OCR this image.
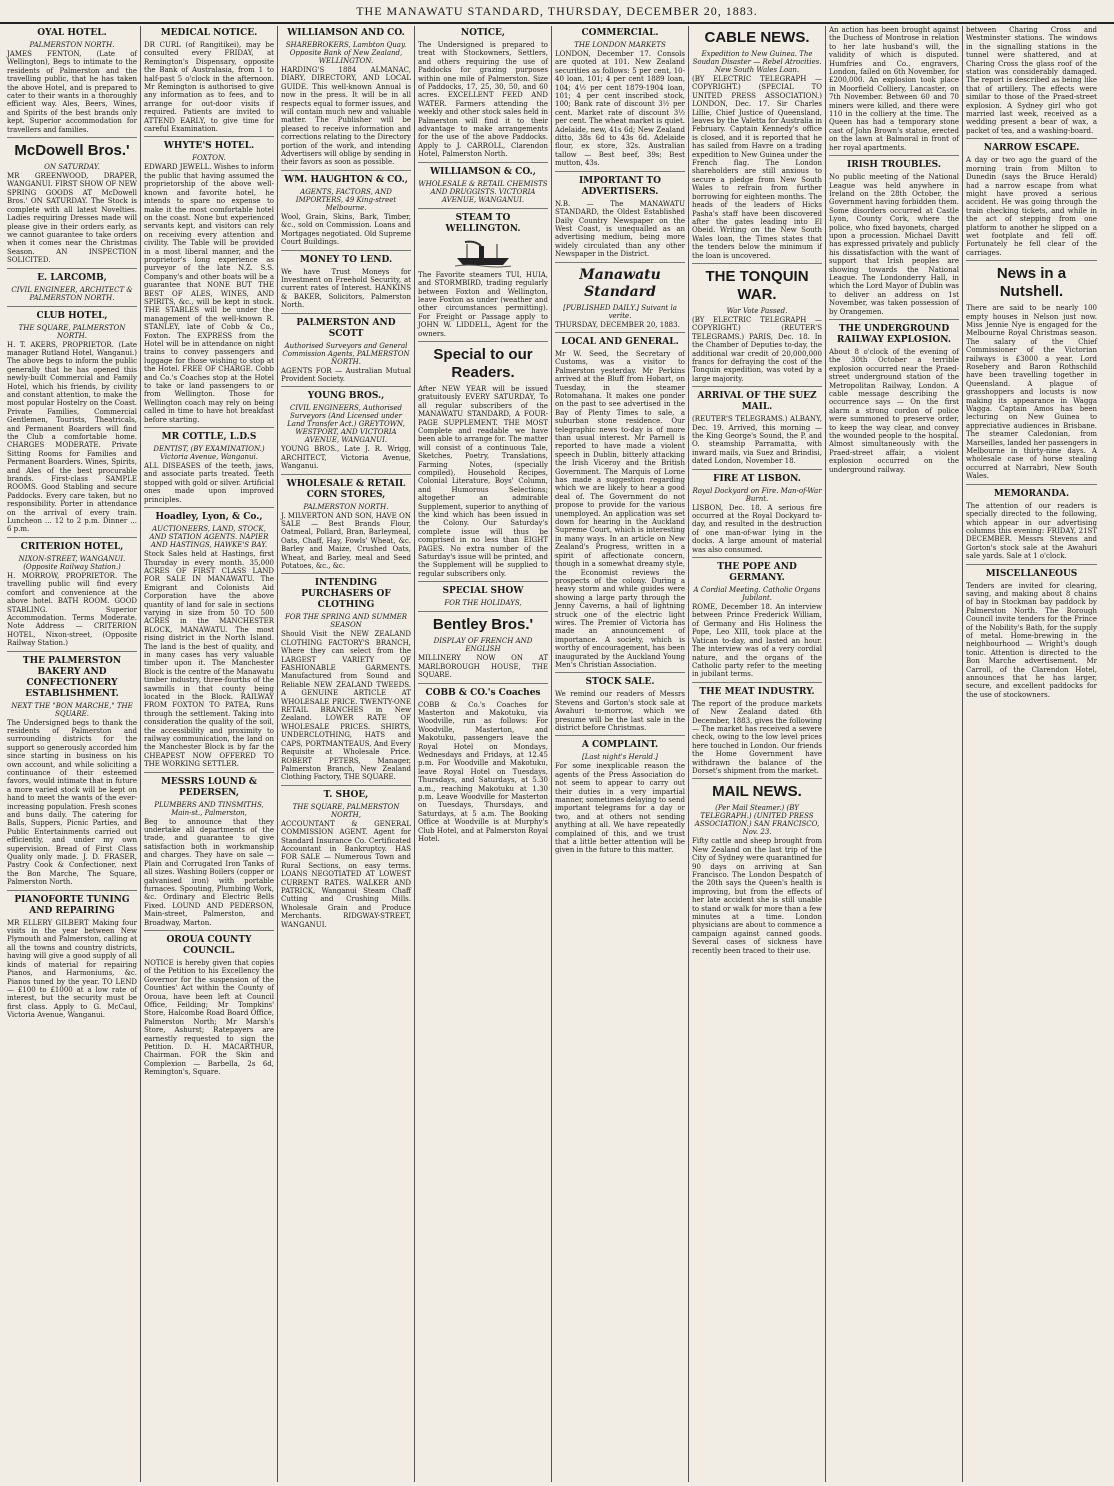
THE MANAWATU STANDARD, THURSDAY, DECEMBER 20, 1883.
OYAL HOTEL.
PALMERSTON NORTH.

JAMES FENTON, (Late of Wellington), Begs to intimate to the residents of Palmerston and the travelling public, that he has taken the above Hotel, and is prepared to cater to their wants in a thoroughly efficient way. Ales, Beers, Wines, and Spirits of the best brands only kept. Superior accommodation for travellers and families.

McDowell Bros.'
ON SATURDAY.

MR GREENWOOD, DRAPER, WANGANUI. FIRST SHOW OF NEW SPRING GOODS AT McDowell Bros.' ON SATURDAY. The Stock is complete with all latest Novelties. Ladies requiring Dresses made will please give in their orders early, as we cannot guarantee to take orders when it comes near the Christmas Season. AN INSPECTION SOLICITED.

E. LARCOMB,
CIVIL ENGINEER, ARCHITECT & PALMERSTON NORTH.
CLUB HOTEL,
THE SQUARE, PALMERSTON NORTH.

H. T. AKERS, PROPRIETOR. (Late manager Rutland Hotel, Wanganui.) The above begs to inform the public generally that he has opened this newly-built Commercial and Family Hotel, which his friends, by civility and constant attention, to make the most popular Hostelry on the Coast. Private Families, Commercial Gentlemen, Tourists, Theatricals, and Permanent Boarders will find the Club a comfortable home. CHARGES MODERATE. Private Sitting Rooms for Families and Permanent Boarders. Wines, Spirits, and Ales of the best procurable brands. First-class SAMPLE ROOMS. Good Stabling and secure Paddocks. Every care taken, but no responsibility. Porter in attendance on the arrival of every train. Luncheon ... 12 to 2 p.m. Dinner ... 6 p.m.

CRITERION HOTEL,
NIXON-STREET, WANGANUI. (Opposite Railway Station.)

H. MORROW, PROPRIETOR. The travelling public will find every comfort and convenience at the above hotel. BATH ROOM. GOOD STABLING. Superior Accommodation. Terms Moderate. Note Address — CRITERION HOTEL, Nixon-street, (Opposite Railway Station.)

THE PALMERSTON BAKERY AND CONFECTIONERY ESTABLISHMENT.
NEXT THE "BON MARCHE," THE SQUARE.

The Undersigned begs to thank the residents of Palmerston and surrounding districts for the support so generously accorded him since starting in business on his own account, and while soliciting a continuance of their esteemed favors, would intimate that in future a more varied stock will be kept on hand to meet the wants of the ever-increasing population. Fresh scones and buns daily. The catering for Balls, Suppers, Picnic Parties, and Public Entertainments carried out efficiently, and under my own supervision. Bread of First Class Quality only made. J. D. FRASER, Pastry Cook & Confectioner, next the Bon Marche, The Square, Palmerston North.

PIANOFORTE TUNING AND REPAIRING

MR ELLERY GILBERT Making four visits in the year between New Plymouth and Palmerston, calling at all the towns and country districts, having will give a good supply of all kinds of material for repairing Pianos, and Harmoniums, &c. Pianos tuned by the year. TO LEND — £100 to £1000 at a low rate of interest, but the security must be first class. Apply to G. McCaul, Victoria Avenue, Wanganui.

MEDICAL NOTICE.

DR CURL (of Rangitikei), may be consulted every FRIDAY, at Remington's Dispensary, opposite the Bank of Australasia, from 1 to half-past 5 o'clock in the afternoon. Mr Remington is authorised to give any information as to fees, and to arrange for out-door visits if required. Patients are invited to ATTEND EARLY, to give time for careful Examination.

WHYTE'S HOTEL.
FOXTON.

EDWARD JEWELL. Wishes to inform the public that having assumed the proprietorship of the above well-known and favorite hotel, he intends to spare no expense to make it the most comfortable hotel on the coast. None but experienced servants kept, and visitors can rely on receiving every attention and civility. The Table will be provided in a most liberal manner, and the proprietor's long experience as purveyor of the late N.Z. S.S. Company's and other boats will be a guarantee that NONE BUT THE BEST OF ALES, WINES, AND SPIRITS, &c., will be kept in stock. THE STABLES will be under the management of the well-known R. STANLEY, late of Cobb & Co., Foxton. The EXPRESS from the Hotel will be in attendance on night trains to convey passengers and luggage for those wishing to stop at the Hotel. FREE OF CHARGE. Cobb and Co.'s Coaches stop at the Hotel to take or land passengers to or from Wellington. Those for Wellington coach may rely on being called in time to have hot breakfast before starting.

MR COTTLE, L.D.S
DENTIST, (BY EXAMINATION.) Victoria Avenue, Wanganui.

ALL DISEASES of the teeth, jaws, and associate parts treated. Teeth stopped with gold or silver. Artificial ones made upon improved principles.

Hoadley, Lyon, & Co.,
AUCTIONEERS, LAND, STOCK, AND STATION AGENTS. NAPIER AND HASTINGS, HAWKE'S BAY.

Stock Sales held at Hastings, first Thursday in every month. 35,000 ACRES OF FIRST CLASS LAND FOR SALE IN MANAWATU. The Emigrant and Colonists Aid Corporation have the above quantity of land for sale in sections varying in size from 50 TO 500 ACRES in the MANCHESTER BLOCK, MANAWATU. The most rising district in the North Island. The land is the best of quality, and in many cases has very valuable timber upon it. The Manchester Block is the centre of the Manawatu timber industry, three-fourths of the sawmills in that county being located in the Block. RAILWAY FROM FOXTON TO PATEA, Runs through the settlement. Taking into consideration the quality of the soil, the accessibility and proximity to railway communication, the land on the Manchester Block is by far the CHEAPEST NOW OFFERED TO THE WORKING SETTLER.

MESSRS LOUND & PEDERSEN,
PLUMBERS AND TINSMITHS, Main-st., Palmerston,

Beg to announce that they undertake all departments of the trade, and guarantee to give satisfaction both in workmanship and charges. They have on sale — Plain and Corrugated Iron Tanks of all sizes. Washing Boilers (copper or galvanised iron) with portable furnaces. Spouting, Plumbing Work, &c. Ordinary and Electric Bells Fixed. LOUND AND PEDERSON, Main-street, Palmerston, and Broadway, Marton.

OROUA COUNTY COUNCIL.

NOTICE is hereby given that copies of the Petition to his Excellency the Governor for the suspension of the Counties' Act within the County of Oroua, have been left at Council Office, Feilding; Mr Tompkins' Store, Halcombe Road Board Office, Palmerston North; Mr Marsh's Store, Ashurst; Ratepayers are earnestly requested to sign the Petition. D. H. MACARTHUR, Chairman. FOR the Skin and Complexion — Barbella, 2s 6d, Remington's, Square.

WILLIAMSON AND CO.
SHAREBROKERS, Lambton Quay. Opposite Bank of New Zealand, WELLINGTON.

HARDING'S 1884 ALMANAC, DIARY, DIRECTORY, AND LOCAL GUIDE. This well-known Annual is now in the press. It will be in all respects equal to former issues, and will contain much new and valuable matter. The Publisher will be pleased to receive information and corrections relating to the Directory portion of the work, and intending Advertisers will oblige by sending in their favors as soon as possible.

WM. HAUGHTON & CO.,
AGENTS, FACTORS, AND IMPORTERS, 49 King-street Melbourne.

Wool, Grain, Skins, Bark, Timber, &c., sold on Commission. Loans and Mortgages negotiated. Old Supreme Court Buildings.

MONEY TO LEND.

We have Trust Moneys for Investment on Freehold Security, at current rates of Interest. HANKINS & BAKER, Solicitors, Palmerston North.

PALMERSTON AND SCOTT
Authorised Surveyors and General Commission Agents, PALMERSTON NORTH.

AGENTS FOR — Australian Mutual Provident Society.

YOUNG BROS.,
CIVIL ENGINEERS, Authorised Surveyors (And Licensed under Land Transfer Act.) GREYTOWN, WESTPORT, AND VICTORIA AVENUE, WANGANUI.

YOUNG BROS., Late J. R. Wrigg, ARCHITECT, Victoria Avenue, Wanganui.

WHOLESALE & RETAIL CORN STORES,
PALMERSTON NORTH.

J. MILVERTON AND SON, HAVE ON SALE — Best Brands Flour, Oatmeal, Pollard, Bran, Barleymeal, Oats, Chaff, Hay, Fowls' Wheat, &c. Barley and Maize, Crushed Oats, Wheat, and Barley, meal and Seed Potatoes, &c., &c.

INTENDING PURCHASERS OF CLOTHING
FOR THE SPRING AND SUMMER SEASON

Should Visit the NEW ZEALAND CLOTHING FACTORY'S BRANCH, Where they can select from the LARGEST VARIETY OF FASHIONABLE GARMENTS. Manufactured from Sound and Reliable NEW ZEALAND TWEEDS. A GENUINE ARTICLE AT WHOLESALE PRICE. TWENTY-ONE RETAIL BRANCHES in New Zealand. LOWER RATE OF WHOLESALE PRICES. SHIRTS, UNDERCLOTHING, HATS and CAPS, PORTMANTEAUS, And Every Requisite at Wholesale Price. ROBERT PETERS, Manager, Palmerston Branch, New Zealand Clothing Factory, THE SQUARE.

T. SHOE,
THE SQUARE, PALMERSTON NORTH,

ACCOUNTANT & GENERAL COMMISSION AGENT. Agent for Standard Insurance Co. Certificated Accountant in Bankruptcy. HAS FOR SALE — Numerous Town and Rural Sections, on easy terms. LOANS NEGOTIATED AT LOWEST CURRENT RATES. WALKER AND PATRICK, Wanganui Steam Chaff Cutting and Crushing Mills. Wholesale Grain and Produce Merchants. RIDGWAY-STREET, WANGANUI.

NOTICE,

The Undersigned is prepared to treat with Stockowners, Settlers, and others requiring the use of Paddocks for grazing purposes within one mile of Palmerston. Size of Paddocks, 17, 25, 30, 50, and 60 acres. EXCELLENT FEED AND WATER. Farmers attending the weekly and other stock sales held in Palmerston will find it to their advantage to make arrangements for the use of the above Paddocks. Apply to J. CARROLL, Clarendon Hotel, Palmerston North.

WILLIAMSON & CO.,
WHOLESALE & RETAIL CHEMISTS AND DRUGGISTS. VICTORIA AVENUE, WANGANUI.
STEAM TO WELLINGTON.

The Favorite steamers TUI, HUIA, and STORMBIRD, trading regularly between Foxton and Wellington, leave Foxton as under (weather and other circumstances permitting). For Freight or Passage apply to JOHN W. LIDDELL, Agent for the owners.

Special to our Readers.

After NEW YEAR will be issued gratuitously EVERY SATURDAY, To all regular subscribers of the MANAWATU STANDARD, A FOUR-PAGE SUPPLEMENT. THE MOST Complete and readable we have been able to arrange for. The matter will consist of a continuous Tale, Sketches, Poetry, Translations, Farming Notes, (specially compiled), Household Recipes, Colonial Literature, Boys' Column, and Humorous Selections; altogether an admirable Supplement, superior to anything of the kind which has been issued in the Colony. Our Saturday's complete issue will thus be comprised in no less than EIGHT PAGES. No extra number of the Saturday's issue will be printed, and the Supplement will be supplied to regular subscribers only.

SPECIAL SHOW
FOR THE HOLIDAYS,
Bentley Bros.'
DISPLAY OF FRENCH AND ENGLISH

MILLINERY NOW ON AT MARLBOROUGH HOUSE, THE SQUARE.

COBB & CO.'s Coaches

COBB & Co.'s Coaches for Masterton and Makotuku, via Woodville, run as follows: For Woodville, Masterton, and Makotuku, passengers leave the Royal Hotel on Mondays, Wednesdays and Fridays, at 12.45 p.m. For Woodville and Makotuku, leave Royal Hotel on Tuesdays, Thursdays, and Saturdays, at 5.30 a.m., reaching Makotuku at 1.30 p.m. Leave Woodville for Masterton on Tuesdays, Thursdays, and Saturdays, at 5 a.m. The Booking Office at Woodville is at Murphy's Club Hotel, and at Palmerston Royal Hotel.

COMMERCIAL.
THE LONDON MARKETS

LONDON, December 17. Consols are quoted at 101. New Zealand securities as follows: 5 per cent, 10-40 loan, 101; 4 per cent 1889 loan, 104; 4½ per cent 1879-1904 loan, 101; 4 per cent inscribed stock, 100; Bank rate of discount 3½ per cent. Market rate of discount 3½ per cent. The wheat market is quiet. Adelaide, new, 41s 6d; New Zealand ditto, 38s 6d to 43s 6d. Adelaide flour, ex store, 32s. Australian tallow — Best beef, 39s; Best mutton, 43s.

IMPORTANT TO ADVERTISERS.

N.B. — The MANAWATU STANDARD, the Oldest Established Daily Country Newspaper on the West Coast, is unequalled as an advertising medium, being more widely circulated than any other Newspaper in the District.

Manawatu Standard
[PUBLISHED DAILY.] Suivant la verite.

THURSDAY, DECEMBER 20, 1883.

LOCAL AND GENERAL.

Mr W. Seed, the Secretary of Customs, was a visitor to Palmerston yesterday. Mr Perkins arrived at the Bluff from Hobart, on Tuesday, in the steamer Rotomahana. It makes one ponder on the past to see advertised in the Bay of Plenty Times to sale, a suburban stone residence. Our telegraphic news to-day is of more than usual interest. Mr Parnell is reported to have made a violent speech in Dublin, bitterly attacking the Irish Viceroy and the British Government. The Marquis of Lorne has made a suggestion regarding which we are likely to hear a good deal of. The Government do not propose to provide for the various unemployed. An application was set down for hearing in the Auckland Supreme Court, which is interesting in many ways. In an article on New Zealand's Progress, written in a spirit of affectionate concern, though in a somewhat dreamy style, the Economist reviews the prospects of the colony. During a heavy storm and while guides were showing a large party through the Jenny Caverns, a hail of lightning struck one of the electric light wires. The Premier of Victoria has made an announcement of importance. A society, which is worthy of encouragement, has been inaugurated by the Auckland Young Men's Christian Association.

STOCK SALE.

We remind our readers of Messrs Stevens and Gorton's stock sale at Awahuri to-morrow, which we presume will be the last sale in the district before Christmas.

A COMPLAINT.
[Last night's Herald.]

For some inexplicable reason the agents of the Press Association do not seem to appear to carry out their duties in a very impartial manner, sometimes delaying to send important telegrams for a day or two, and at others not sending anything at all. We have repeatedly complained of this, and we trust that a little better attention will be given in the future to this matter.

CABLE NEWS.
Expedition to New Guinea. The Soudan Disaster — Rebel Atrocities. New South Wales Loan.

(BY ELECTRIC TELEGRAPH — COPYRIGHT.) (SPECIAL TO UNITED PRESS ASSOCIATION.) LONDON, Dec. 17. Sir Charles Lillie, Chief Justice of Queensland, leaves by the Valetta for Australia in February. Captain Kennedy's office is closed, and it is reported that he has sailed from Havre on a trading expedition to New Guinea under the French flag. The London shareholders are still anxious to secure a pledge from New South Wales to refrain from further borrowing for eighteen months. The heads of the leaders of Hicks Pasha's staff have been discovered after the gates leading into El Obeid. Writing on the New South Wales loan, the Times states that the tenders below the minimum if the loan is uncovered.

THE TONQUIN WAR.
War Vote Passed.

(BY ELECTRIC TELEGRAPH — COPYRIGHT.) (REUTER'S TELEGRAMS.) PARIS, Dec. 18. In the Chamber of Deputies to-day, the additional war credit of 20,000,000 francs for defraying the cost of the Tonquin expedition, was voted by a large majority.

ARRIVAL OF THE SUEZ MAIL.

(REUTER'S TELEGRAMS.) ALBANY, Dec. 19. Arrived, this morning — the King George's Sound, the P. and O. steamship Parramatta, with inward mails, via Suez and Brindisi, dated London, November 18.

FIRE AT LISBON.
Royal Dockyard on Fire. Man-of-War Burnt.

LISBON, Dec. 18. A serious fire occurred at the Royal Dockyard to-day, and resulted in the destruction of one man-of-war lying in the docks. A large amount of material was also consumed.

THE POPE AND GERMANY.
A Cordial Meeting. Catholic Organs Jubilant.

ROME, December 18. An interview between Prince Frederick William, of Germany and His Holiness the Pope, Leo XIII, took place at the Vatican to-day, and lasted an hour. The interview was of a very cordial nature, and the organs of the Catholic party refer to the meeting in jubilant terms.

THE MEAT INDUSTRY.

The report of the produce markets of New Zealand dated 6th December, 1883, gives the following — The market has received a severe check, owing to the low level prices here touched in London. Our friends the Home Government have withdrawn the balance of the Dorset's shipment from the market.

MAIL NEWS.
(Per Mail Steamer.) (BY TELEGRAPH.) (UNITED PRESS ASSOCIATION.) SAN FRANCISCO, Nov. 23.

Fifty cattle and sheep brought from New Zealand on the last trip of the City of Sydney were quarantined for 90 days on arriving at San Francisco. The London Despatch of the 20th says the Queen's health is improving, but from the effects of her late accident she is still unable to stand or walk for more than a few minutes at a time. London physicians are about to commence a campaign against canned goods. Several cases of sickness have recently been traced to their use.

An action has been brought against the Duchess of Montrose in relation to her late husband's will, the validity of which is disputed. Humfries and Co., engravers, London, failed on 6th November, for £200,000. An explosion took place in Moorfield Colliery, Lancaster, on 7th November. Between 60 and 70 miners were killed, and there were 110 in the colliery at the time. The Queen has had a temporary stone cast of John Brown's statue, erected on the lawn at Balmoral in front of her royal apartments.

IRISH TROUBLES.

No public meeting of the National League was held anywhere in Ireland on the 28th October, the Government having forbidden them. Some disorders occurred at Castle Lyon, County Cork, where the police, who fixed bayonets, charged upon a procession. Michael Davitt has expressed privately and publicly his dissatisfaction with the want of support that Irish peoples are showing towards the National League. The Londonderry Hall, in which the Lord Mayor of Dublin was to deliver an address on 1st November, was taken possession of by Orangemen.

THE UNDERGROUND RAILWAY EXPLOSION.

About 8 o'clock of the evening of the 30th October a terrible explosion occurred near the Praed-street underground station of the Metropolitan Railway, London. A cable message describing the occurrence says — On the first alarm a strong cordon of police were summoned to preserve order, to keep the way clear, and convey the wounded people to the hospital. Almost simultaneously with the Praed-street affair, a violent explosion occurred on the underground railway.

between Charing Cross and Westminster stations. The windows in the signalling stations in the tunnel were shattered, and at Charing Cross the glass roof of the station was considerably damaged. The report is described as being like that of artillery. The effects were similar to those of the Praed-street explosion. A Sydney girl who got married last week, received as a wedding present a bear of wax, a packet of tea, and a washing-board.

NARROW ESCAPE.

A day or two ago the guard of the morning train from Milton to Dunedin (says the Bruce Herald) had a narrow escape from what might have proved a serious accident. He was going through the train checking tickets, and while in the act of stepping from one platform to another he slipped on a wet footplate and fell off. Fortunately he fell clear of the carriages.

News in a Nutshell.

There are said to be nearly 100 empty houses in Nelson just now. Miss Jennie Nye is engaged for the Melbourne Royal Christmas season. The salary of the Chief Commissioner of the Victorian railways is £3000 a year. Lord Rosebery and Baron Rothschild have been travelling together in Queensland. A plague of grasshoppers and locusts is now making its appearance in Wagga Wagga. Captain Amos has been lecturing on New Guinea to appreciative audiences in Brisbane. The steamer Caledonian, from Marseilles, landed her passengers in Melbourne in thirty-nine days. A wholesale case of horse stealing occurred at Narrabri, New South Wales.

MEMORANDA.

The attention of our readers is specially directed to the following, which appear in our advertising columns this evening: FRIDAY, 21ST DECEMBER. Messrs Stevens and Gorton's stock sale at the Awahuri sale yards. Sale at 1 o'clock.

MISCELLANEOUS

Tenders are invited for clearing, saving, and making about 8 chains of bay in Stockman bay paddock by Palmerston North. The Borough Council invite tenders for the Prince of the Nobility's Bath, for the supply of metal. Home-brewing in the neighbourhood — Wright's dough tonic. Attention is directed to the Bon Marche advertisement. Mr Carroll, of the Clarendon Hotel, announces that he has larger, secure, and excellent paddocks for the use of stockowners.
